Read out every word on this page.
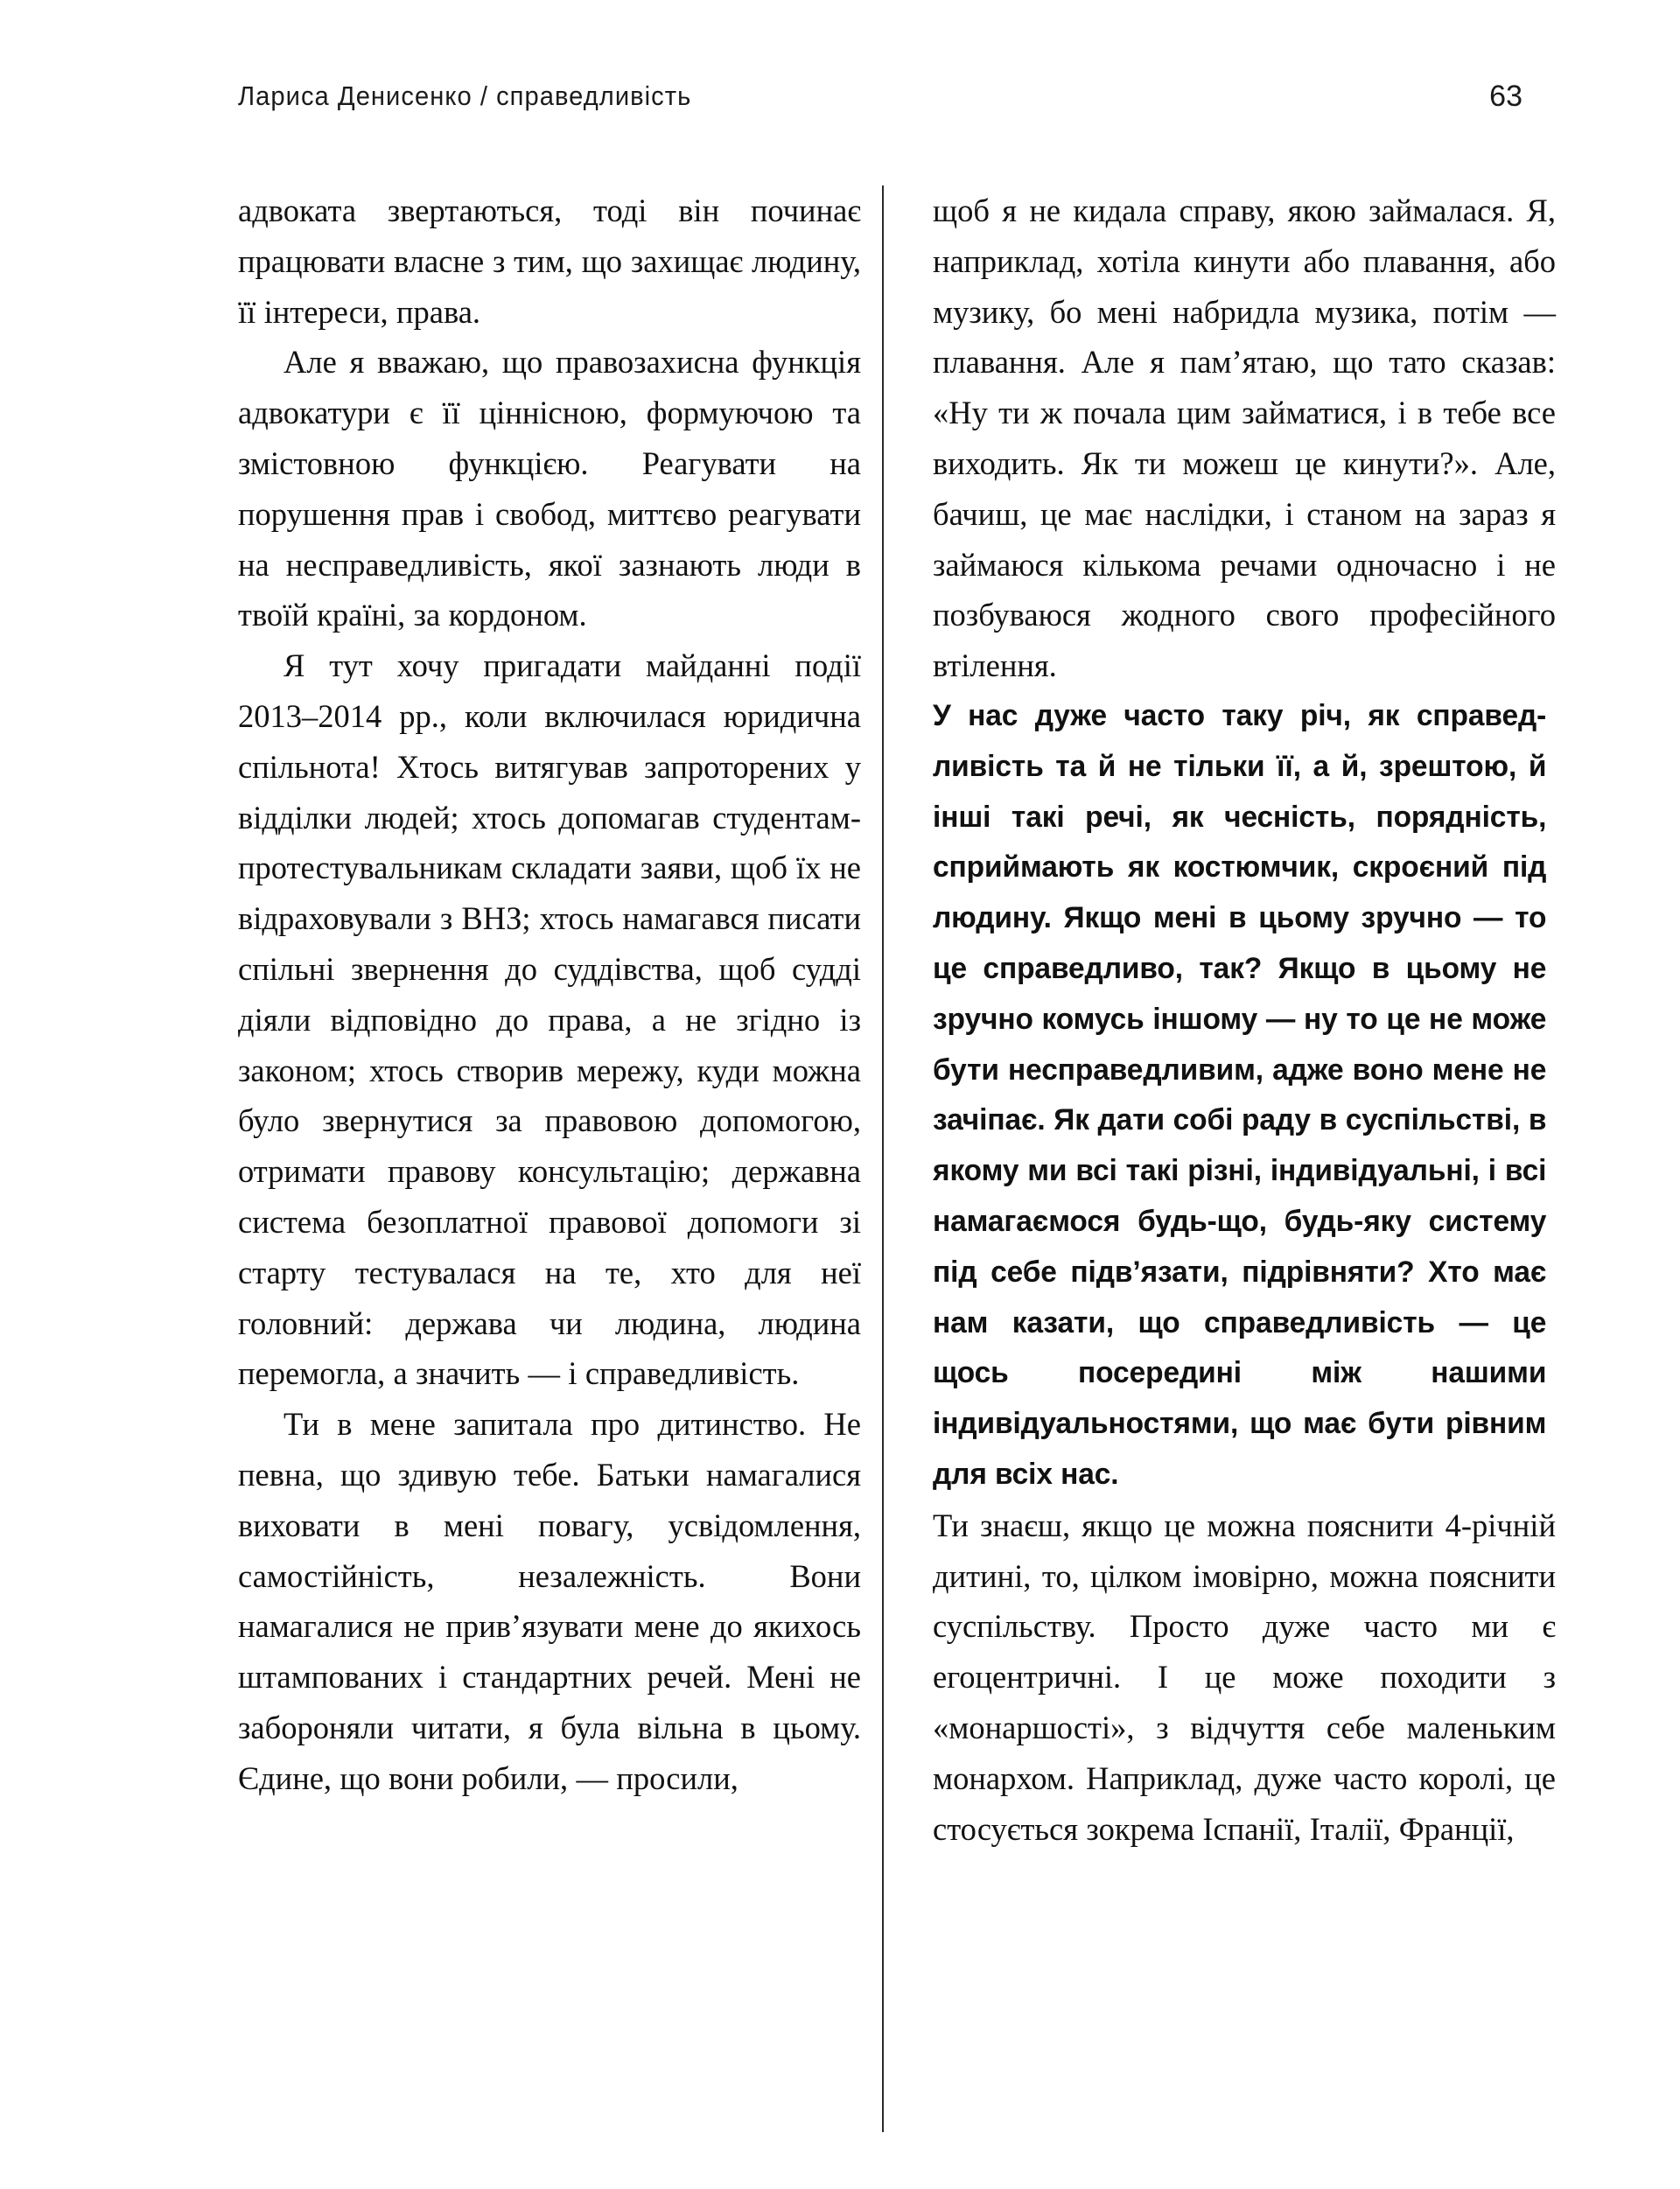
Лариса Денисенко / справедливість	63

адвоката звертаються, тоді він починає працювати власне з тим, що захищає людину, її інтереси, права.

Але я вважаю, що правозахисна функція адвокатури є її ціннісною, формуючою та змістовною функцією. Реагувати на порушення прав і свобод, миттєво реагувати на несправедливість, якої зазнають люди в твоїй країні, за кордоном.

Я тут хочу пригадати майданні події 2013–2014 рр., коли включилася юридична спільнота! Хтось витягував запроторених у відділки людей; хтось допомагав студентам-протестувальникам складати заяви, щоб їх не відраховували з ВНЗ; хтось намагався писати спільні звернення до суддівства, щоб судді діяли відповідно до права, а не згідно із законом; хтось створив мережу, куди можна було звернутися за правовою допомогою, отримати правову консультацію; державна система безоплатної правової допомоги зі старту тестувалася на те, хто для неї головний: держава чи людина, людина перемогла, а значить — і справедливість.

Ти в мене запитала про дитинство. Не певна, що здивую тебе. Батьки намагалися виховати в мені повагу, усвідомлення, самостійність, незалежність. Вони намагалися не прив’язувати мене до якихось штампованих і стандартних речей. Мені не забороняли читати, я була вільна в цьому. Єдине, що вони робили, — просили,

щоб я не кидала справу, якою займалася. Я, наприклад, хотіла кинути або плавання, або музику, бо мені набридла музика, потім — плавання. Але я пам’ятаю, що тато сказав: «Ну ти ж почала цим займатися, і в тебе все виходить. Як ти можеш це кинути?». Але, бачиш, це має наслідки, і станом на зараз я займаюся кількома речами одночасно і не позбуваюся жодного свого професійного втілення.

У нас дуже часто таку річ, як справедливість та й не тільки її, а й, зрештою, й інші такі речі, як чесність, порядність, сприймають як костюмчик, скроєний під людину. Якщо мені в цьому зручно — то це справедливо, так? Якщо в цьому не зручно комусь іншому — ну то це не може бути несправедливим, адже воно мене не зачіпає. Як дати собі раду в суспільстві, в якому ми всі такі різні, індивідуальні, і всі намагаємося будь-що, будь-яку систему під себе підв’язати, підрівняти? Хто має нам казати, що справедливість — це щось посередині між нашими індивідуальностями, що має бути рівним для всіх нас.

Ти знаєш, якщо це можна пояснити 4-річній дитині, то, цілком імовірно, можна пояснити суспільству. Просто дуже часто ми є егоцентричні. І це може походити з «монаршості», з відчуття себе маленьким монархом. Наприклад, дуже часто королі, це стосується зокрема Іспанії, Італії, Франції,
